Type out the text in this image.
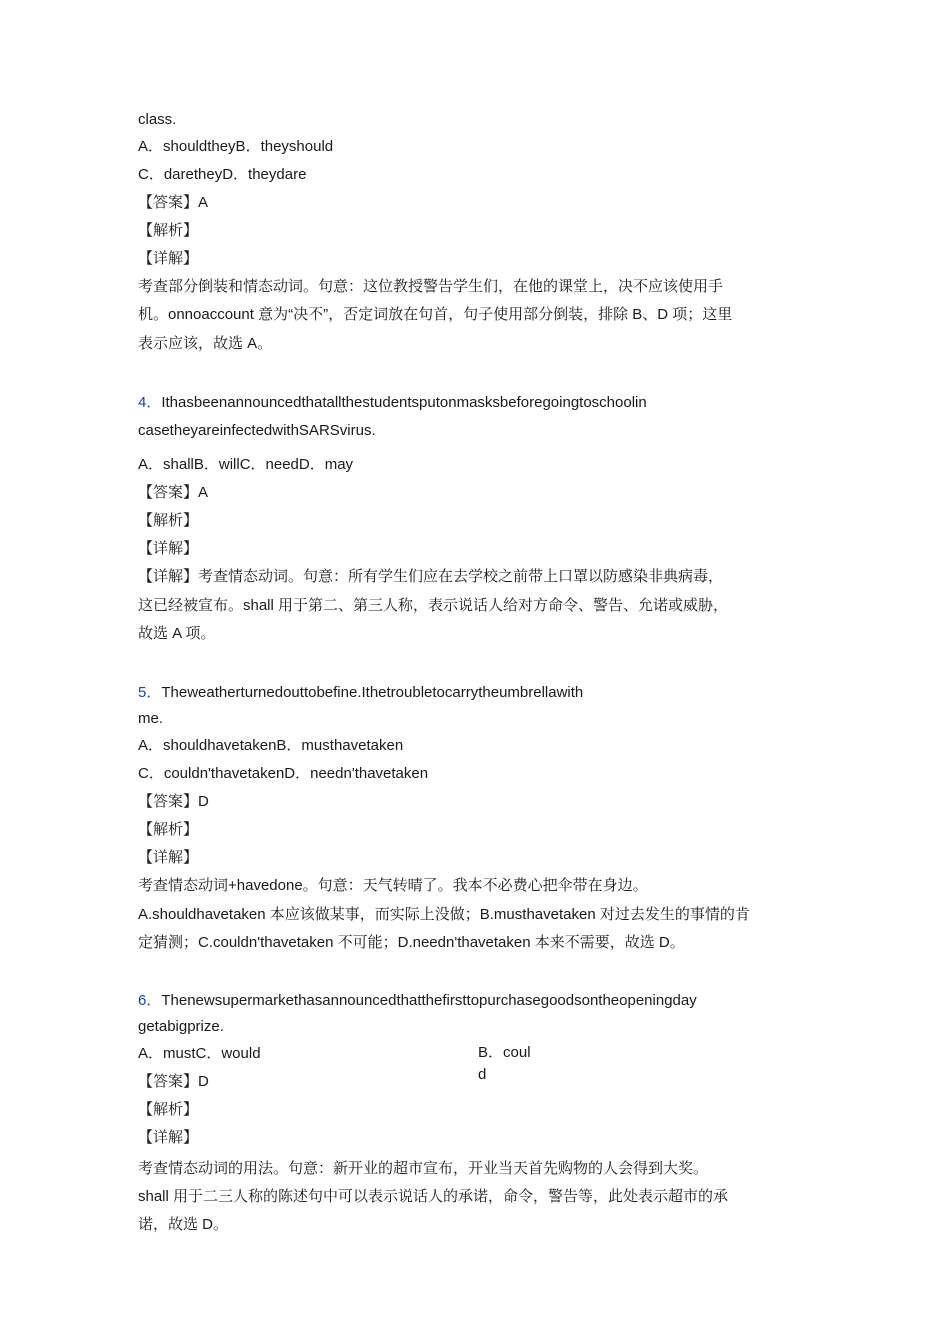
class.
A．shouldtheyB．theyshould
C．daretheyD．theydare
【答案】A
【解析】
【详解】
考查部分倒装和情态动词。句意：这位教授警告学生们，在他的课堂上，决不应该使用手
机。onnoaccount 意为“决不”，否定词放在句首，句子使用部分倒装，排除 B、D 项；这里
表示应该，故选 A。
4．Ithasbeenannouncedthatallthestudentsputonmasksbeforegoingtoschoolin
casetheyareinfectedwithSARSvirus.
A．shallB．willC．needD．may
【答案】A
【解析】
【详解】
【详解】考查情态动词。句意：所有学生们应在去学校之前带上口罩以防感染非典病毒，
这已经被宣布。shall 用于第二、第三人称，表示说话人给对方命令、警告、允诺或威胁，
故选 A 项。
5．Theweatherturnedouttobefine.Ithetroubletocarrytheumbrellawith
me.
A．shouldhavetakenB．musthavetaken
C．couldn'thavetakenD．needn'thavetaken
【答案】D
【解析】
【详解】
考查情态动词+havedone。句意：天气转晴了。我本不必费心把伞带在身边。
A.shouldhavetaken 本应该做某事，而实际上没做；B.musthavetaken 对过去发生的事情的肯
定猜测；C.couldn'thavetaken 不可能；D.needn'thavetaken 本来不需要，故选 D。
6．Thenewsupermarkethasannouncedthatthefirsttopurchasegoodsontheopeningday
getabigprize.
A．mustC．would	B．coul
d
【答案】D
【解析】
【详解】
考查情态动词的用法。句意：新开业的超市宣布，开业当天首先购物的人会得到大奖。
shall 用于二三人称的陈述句中可以表示说话人的承诺，命令，警告等，此处表示超市的承
诺，故选 D。
